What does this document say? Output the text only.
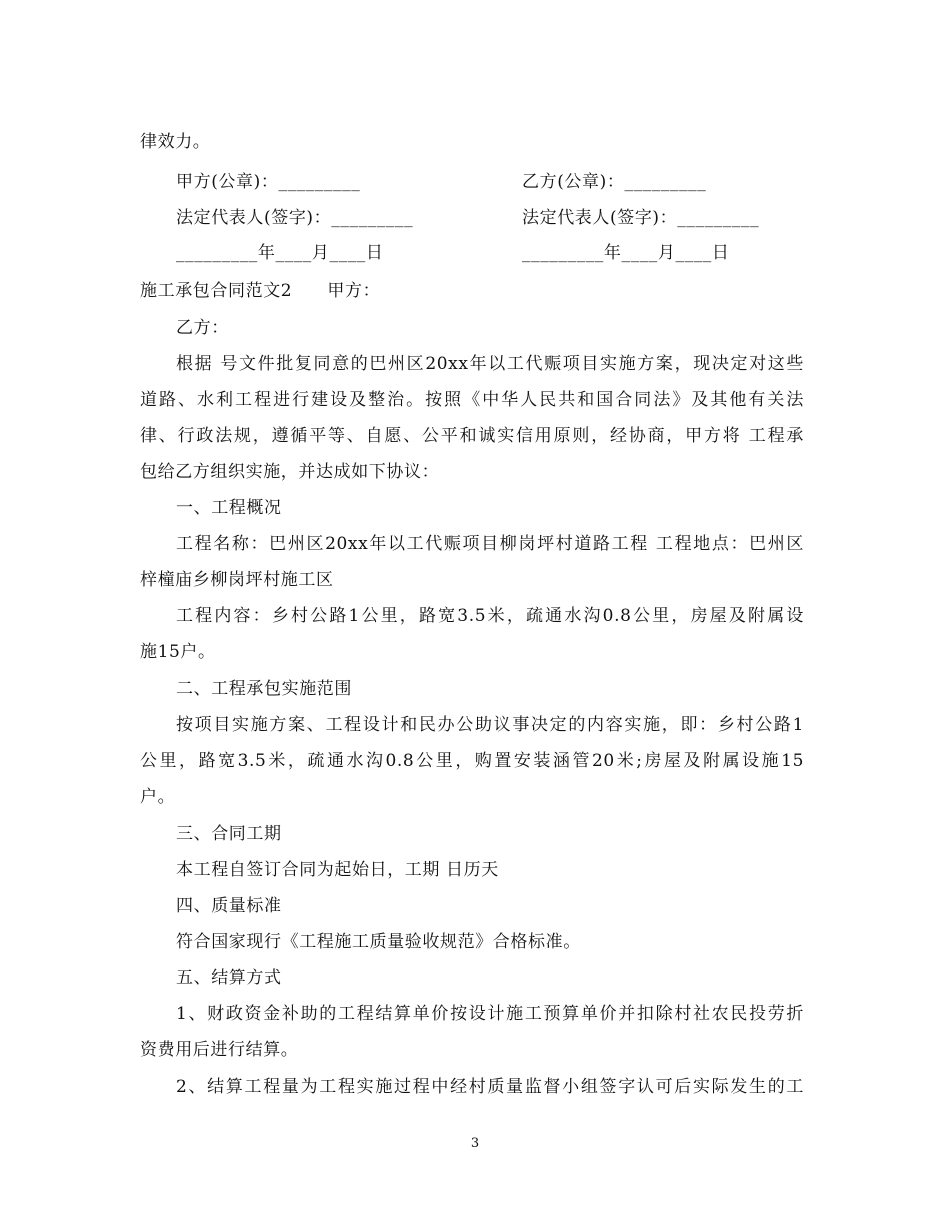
律效力。
甲方(公章)：_________	乙方(公章)：_________
法定代表人(签字)：_________	法定代表人(签字)：_________
_________年____月____日	_________年____月____日
施工承包合同范文2　　甲方：
乙方：
根据 号文件批复同意的巴州区20xx年以工代赈项目实施方案，现决定对这些
道路、水利工程进行建设及整治。按照《中华人民共和国合同法》及其他有关法
律、行政法规，遵循平等、自愿、公平和诚实信用原则，经协商，甲方将 工程承
包给乙方组织实施，并达成如下协议：
一、工程概况
工程名称：巴州区20xx年以工代赈项目柳岗坪村道路工程 工程地点：巴州区
梓橦庙乡柳岗坪村施工区
工程内容：乡村公路1公里，路宽3.5米，疏通水沟0.8公里，房屋及附属设
施15户。
二、工程承包实施范围
按项目实施方案、工程设计和民办公助议事决定的内容实施，即：乡村公路1
公里，路宽3.5米，疏通水沟0.8公里，购置安装涵管20米;房屋及附属设施15
户。
三、合同工期
本工程自签订合同为起始日，工期 日历天
四、质量标准
符合国家现行《工程施工质量验收规范》合格标准。
五、结算方式
1、财政资金补助的工程结算单价按设计施工预算单价并扣除村社农民投劳折
资费用后进行结算。
2、结算工程量为工程实施过程中经村质量监督小组签字认可后实际发生的工
3
